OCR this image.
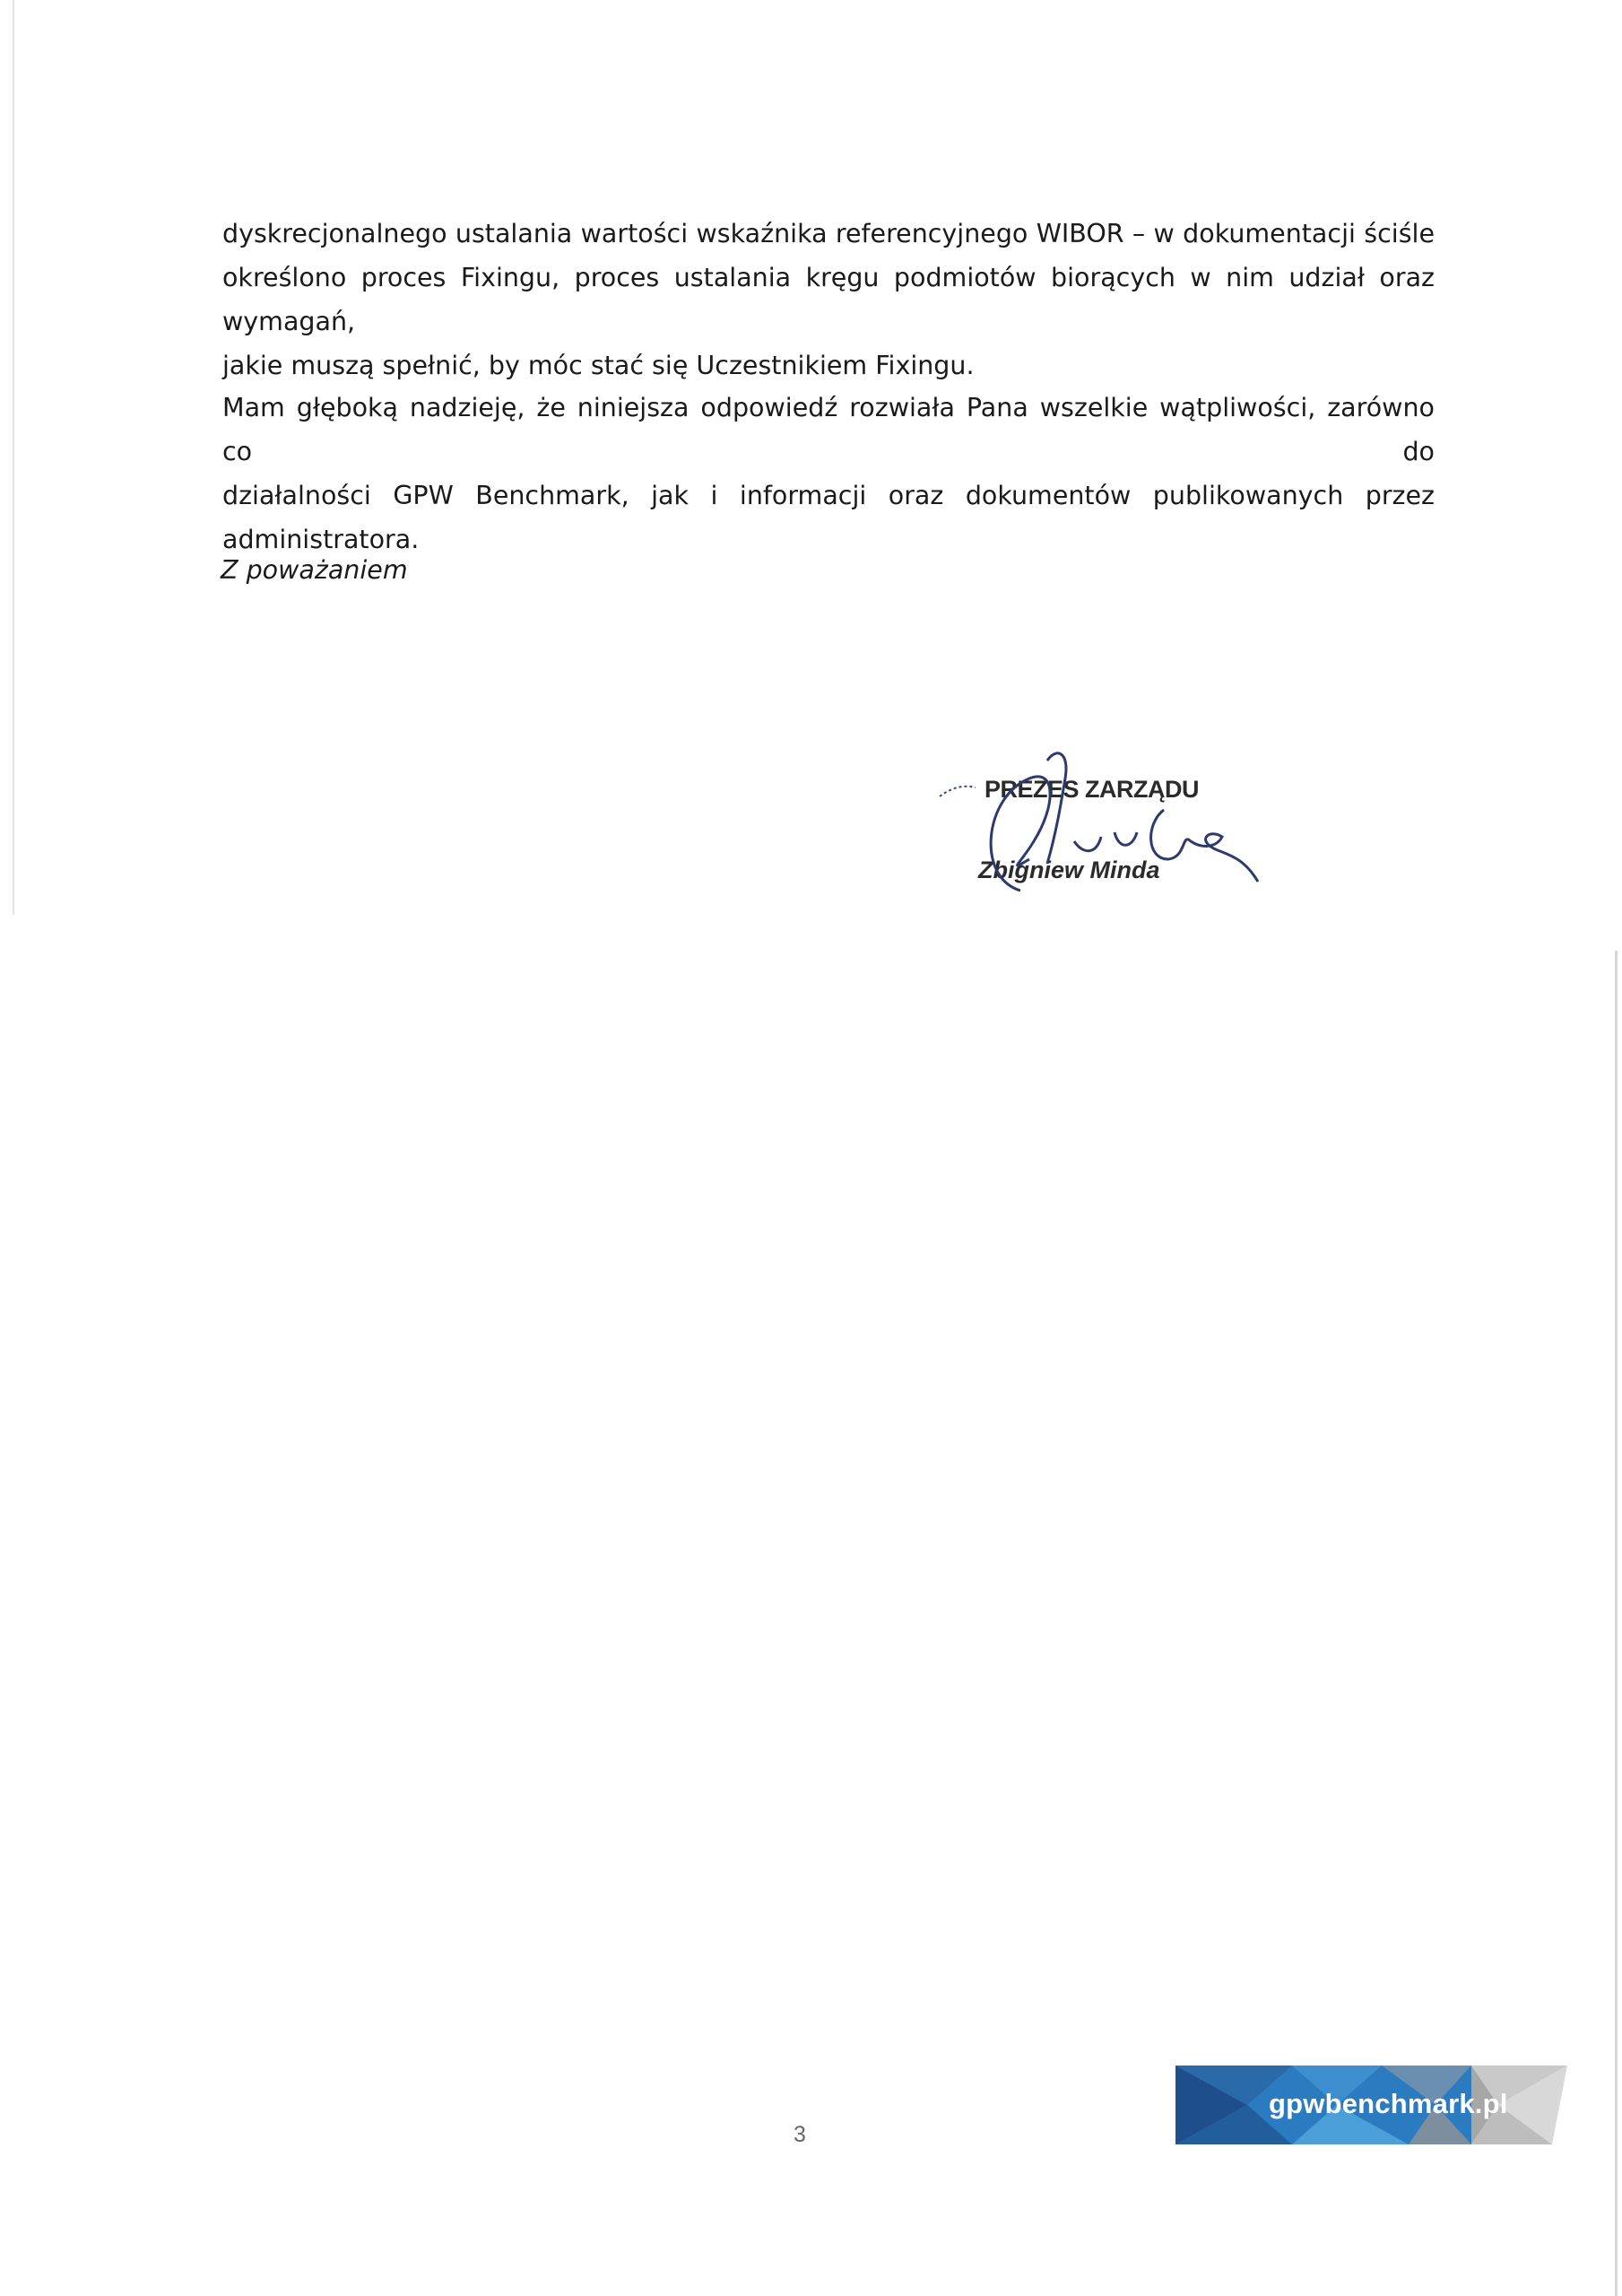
dyskrecjonalnego ustalania wartości wskaźnika referencyjnego WIBOR – w dokumentacji ściśle
określono proces Fixingu, proces ustalania kręgu podmiotów biorących w nim udział oraz wymagań,
jakie muszą spełnić, by móc stać się Uczestnikiem Fixingu.
Mam głęboką nadzieję, że niniejsza odpowiedź rozwiała Pana wszelkie wątpliwości, zarówno co do
działalności GPW Benchmark, jak i informacji oraz dokumentów publikowanych przez administratora.

Z poważaniem

PREZES ZARZĄDU
Zbigniew Minda
3
gpwbenchmark.pl
